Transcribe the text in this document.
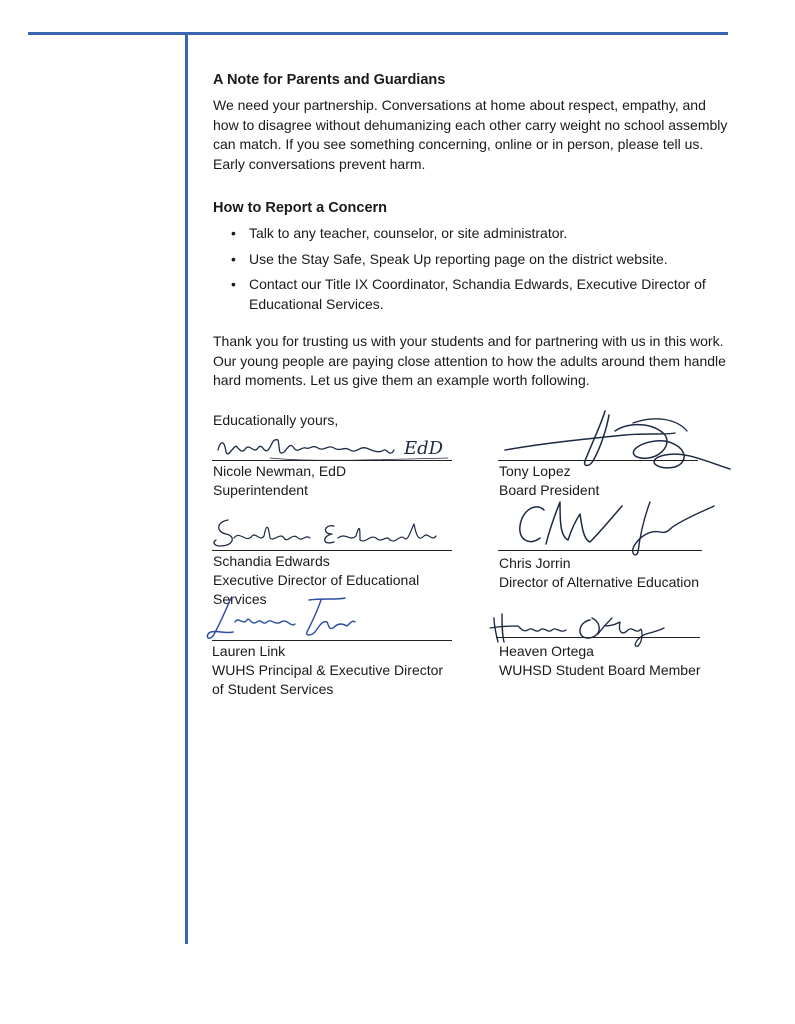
A Note for Parents and Guardians

We need your partnership. Conversations at home about respect, empathy, and how to disagree without dehumanizing each other carry weight no school assembly can match. If you see something concerning, online or in person, please tell us. Early conversations prevent harm.

How to Report a Concern
• Talk to any teacher, counselor, or site administrator.
• Use the Stay Safe, Speak Up reporting page on the district website.
• Contact our Title IX Coordinator, Schandia Edwards, Executive Director of Educational Services.

Thank you for trusting us with your students and for partnering with us in this work. Our young people are paying close attention to how the adults around them handle hard moments. Let us give them an example worth following.

Educationally yours,

EdD
Nicole Newman, EdD
Superintendent
Tony Lopez
Board President
Schandia Edwards
Executive Director of Educational Services
Chris Jorrin
Director of Alternative Education
Lauren Link
WUHS Principal & Executive Director
of Student Services
Heaven Ortega
WUHSD Student Board Member
